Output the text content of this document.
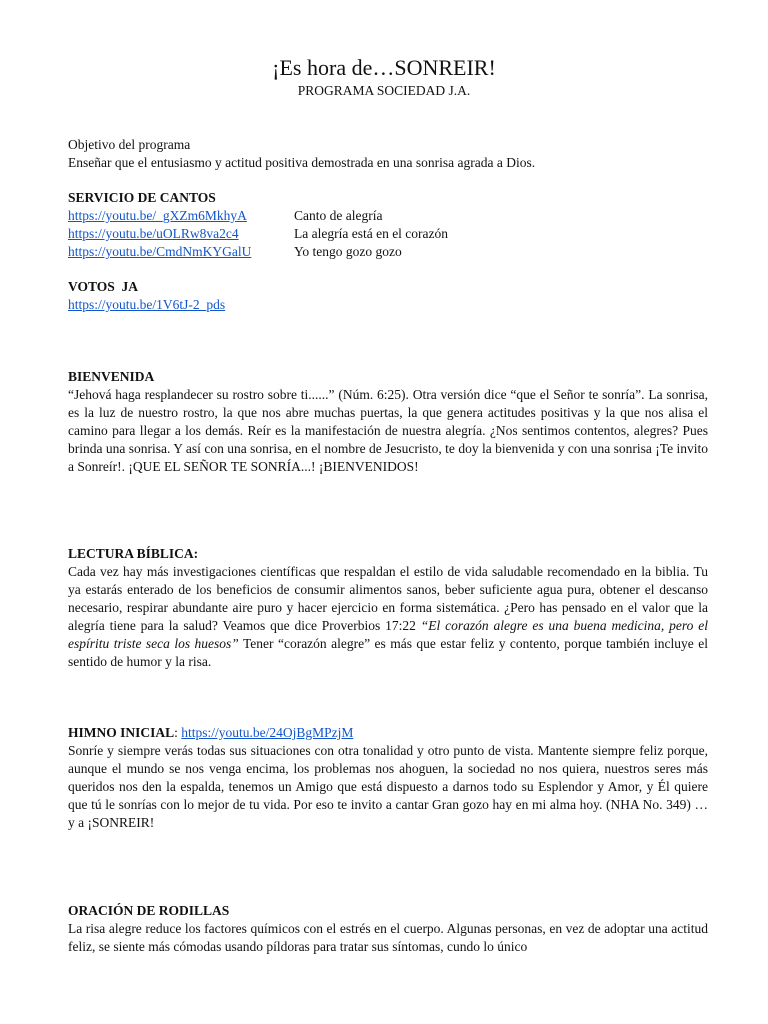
¡Es hora de…SONREIR!
PROGRAMA SOCIEDAD J.A.

Objetivo del programa

Enseñar que el entusiasmo y actitud positiva demostrada en una sonrisa agrada a Dios.

SERVICIO DE CANTOS

https://youtu.be/_gXZm6MkhyA	Canto de alegría
https://youtu.be/uOLRw8va2c4	La alegría está en el corazón
https://youtu.be/CmdNmKYGalU	Yo tengo gozo gozo

VOTOS  JA

https://youtu.be/1V6tJ-2_pds

BIENVENIDA

“Jehová haga resplandecer su rostro sobre ti......” (Núm. 6:25). Otra versión dice “que el Señor te sonría”. La sonrisa, es la luz de nuestro rostro, la que nos abre muchas puertas, la que genera actitudes positivas y la que nos alisa el camino para llegar a los demás. Reír es la manifestación de nuestra alegría. ¿Nos sentimos contentos, alegres? Pues brinda una sonrisa. Y así con una sonrisa, en el nombre de Jesucristo, te doy la bienvenida y con una sonrisa ¡Te invito a Sonreír!. ¡QUE EL SEÑOR TE SONRÍA...! ¡BIENVENIDOS!

LECTURA BÍBLICA:

Cada vez hay más investigaciones científicas que respaldan el estilo de vida saludable recomendado en la biblia. Tu ya estarás enterado de los beneficios de consumir alimentos sanos, beber suficiente agua pura, obtener el descanso necesario, respirar abundante aire puro y hacer ejercicio en forma sistemática. ¿Pero has pensado en el valor que la alegría tiene para la salud? Veamos que dice Proverbios 17:22 “El corazón alegre es una buena medicina, pero el espíritu triste seca los huesos” Tener “corazón alegre” es más que estar feliz y contento, porque también incluye el sentido de humor y la risa.

HIMNO INICIAL: https://youtu.be/24OjBgMPzjM

Sonríe y siempre verás todas sus situaciones con otra tonalidad y otro punto de vista. Mantente siempre feliz porque, aunque el mundo se nos venga encima, los problemas nos ahoguen, la sociedad no nos quiera, nuestros seres más queridos nos den la espalda, tenemos un Amigo que está dispuesto a darnos todo su Esplendor y Amor, y Él quiere que tú le sonrías con lo mejor de tu vida. Por eso te invito a cantar Gran gozo hay en mi alma hoy. (NHA No. 349) …y a ¡SONREIR!

ORACIÓN DE RODILLAS

La risa alegre reduce los factores químicos con el estrés en el cuerpo. Algunas personas, en vez de adoptar una actitud feliz, se siente más cómodas usando píldoras para tratar sus síntomas, cundo lo único
